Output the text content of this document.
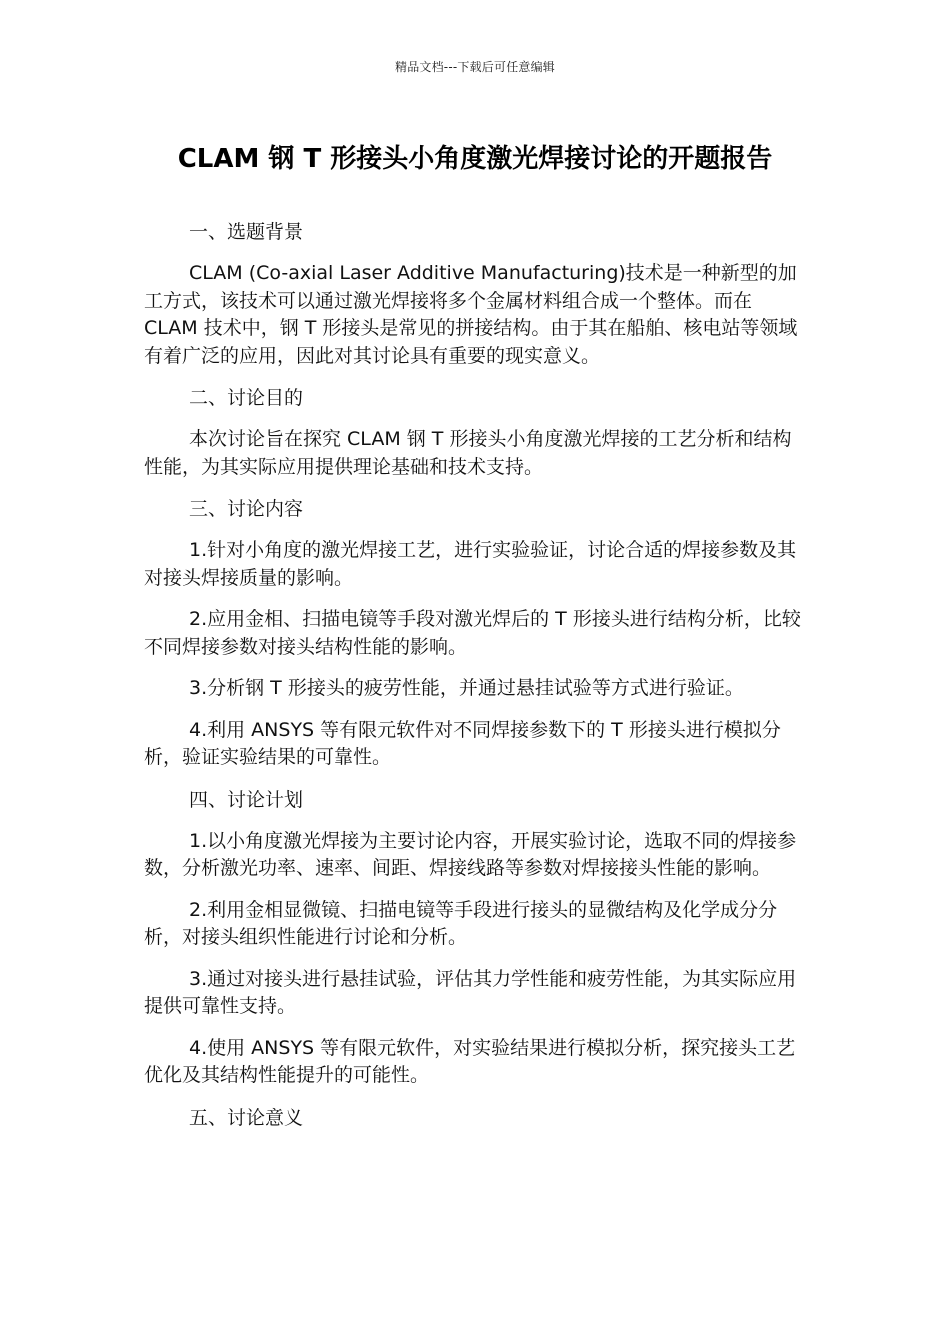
精品文档---下载后可任意编辑
CLAM 钢 T 形接头小角度激光焊接讨论的开题报告
一、选题背景
CLAM (Co-axial Laser Additive Manufacturing)技术是一种新型的加工方式，该技术可以通过激光焊接将多个金属材料组合成一个整体。而在 CLAM 技术中，钢 T 形接头是常见的拼接结构。由于其在船舶、核电站等领域有着广泛的应用，因此对其讨论具有重要的现实意义。
二、讨论目的
本次讨论旨在探究 CLAM 钢 T 形接头小角度激光焊接的工艺分析和结构性能，为其实际应用提供理论基础和技术支持。
三、讨论内容
1.针对小角度的激光焊接工艺，进行实验验证，讨论合适的焊接参数及其对接头焊接质量的影响。
2.应用金相、扫描电镜等手段对激光焊后的 T 形接头进行结构分析，比较不同焊接参数对接头结构性能的影响。
3.分析钢 T 形接头的疲劳性能，并通过悬挂试验等方式进行验证。
4.利用 ANSYS 等有限元软件对不同焊接参数下的 T 形接头进行模拟分析，验证实验结果的可靠性。
四、讨论计划
1.以小角度激光焊接为主要讨论内容，开展实验讨论，选取不同的焊接参数，分析激光功率、速率、间距、焊接线路等参数对焊接接头性能的影响。
2.利用金相显微镜、扫描电镜等手段进行接头的显微结构及化学成分分析，对接头组织性能进行讨论和分析。
3.通过对接头进行悬挂试验，评估其力学性能和疲劳性能，为其实际应用提供可靠性支持。
4.使用 ANSYS 等有限元软件，对实验结果进行模拟分析，探究接头工艺优化及其结构性能提升的可能性。
五、讨论意义
